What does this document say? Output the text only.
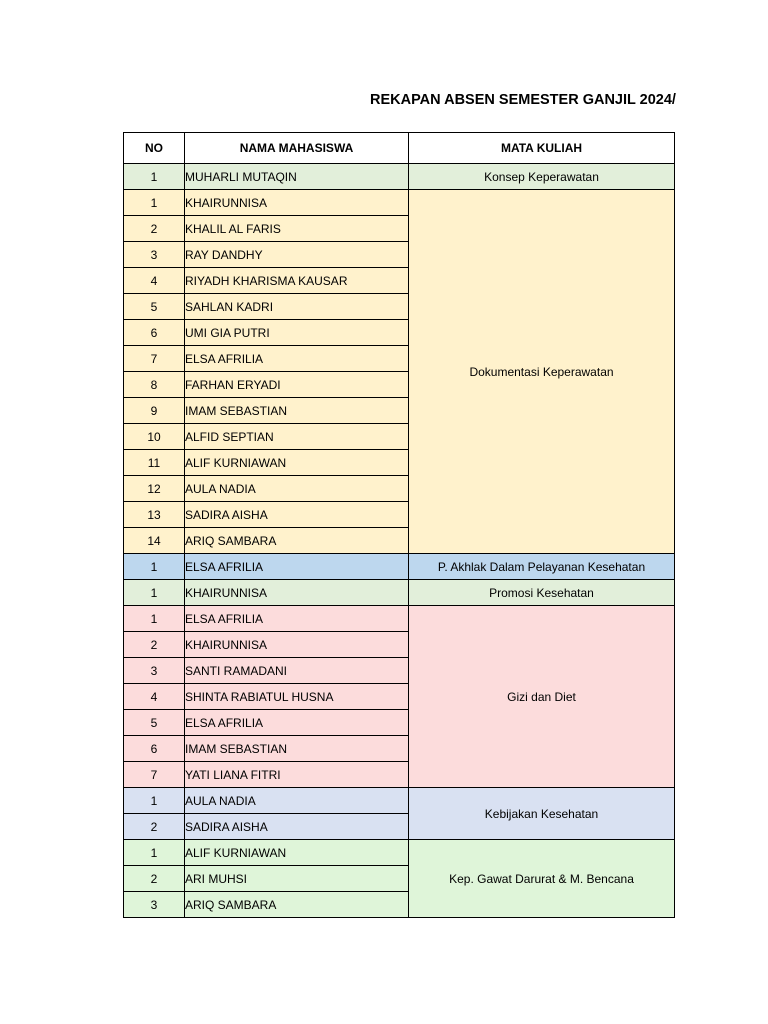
REKAPAN ABSEN SEMESTER GANJIL 2024/
NO	NAMA MAHASISWA	MATA KULIAH
1	MUHARLI MUTAQIN	Konsep Keperawatan
1	KHAIRUNNISA	Dokumentasi Keperawatan
2	KHALIL AL FARIS	
3	RAY DANDHY	
4	RIYADH KHARISMA KAUSAR	
5	SAHLAN KADRI	
6	UMI GIA PUTRI	
7	ELSA AFRILIA	
8	FARHAN ERYADI	
9	IMAM SEBASTIAN	
10	ALFID SEPTIAN	
11	ALIF KURNIAWAN	
12	AULA NADIA	
13	SADIRA AISHA	
14	ARIQ SAMBARA	
1	ELSA AFRILIA	P. Akhlak Dalam Pelayanan Kesehatan
1	KHAIRUNNISA	Promosi Kesehatan
1	ELSA AFRILIA	Gizi dan Diet
2	KHAIRUNNISA	
3	SANTI RAMADANI	
4	SHINTA RABIATUL HUSNA	
5	ELSA AFRILIA	
6	IMAM SEBASTIAN	
7	YATI LIANA FITRI	
1	AULA NADIA	Kebijakan Kesehatan
2	SADIRA AISHA	
1	ALIF KURNIAWAN	Kep. Gawat Darurat & M. Bencana
2	ARI MUHSI	
3	ARIQ SAMBARA	
